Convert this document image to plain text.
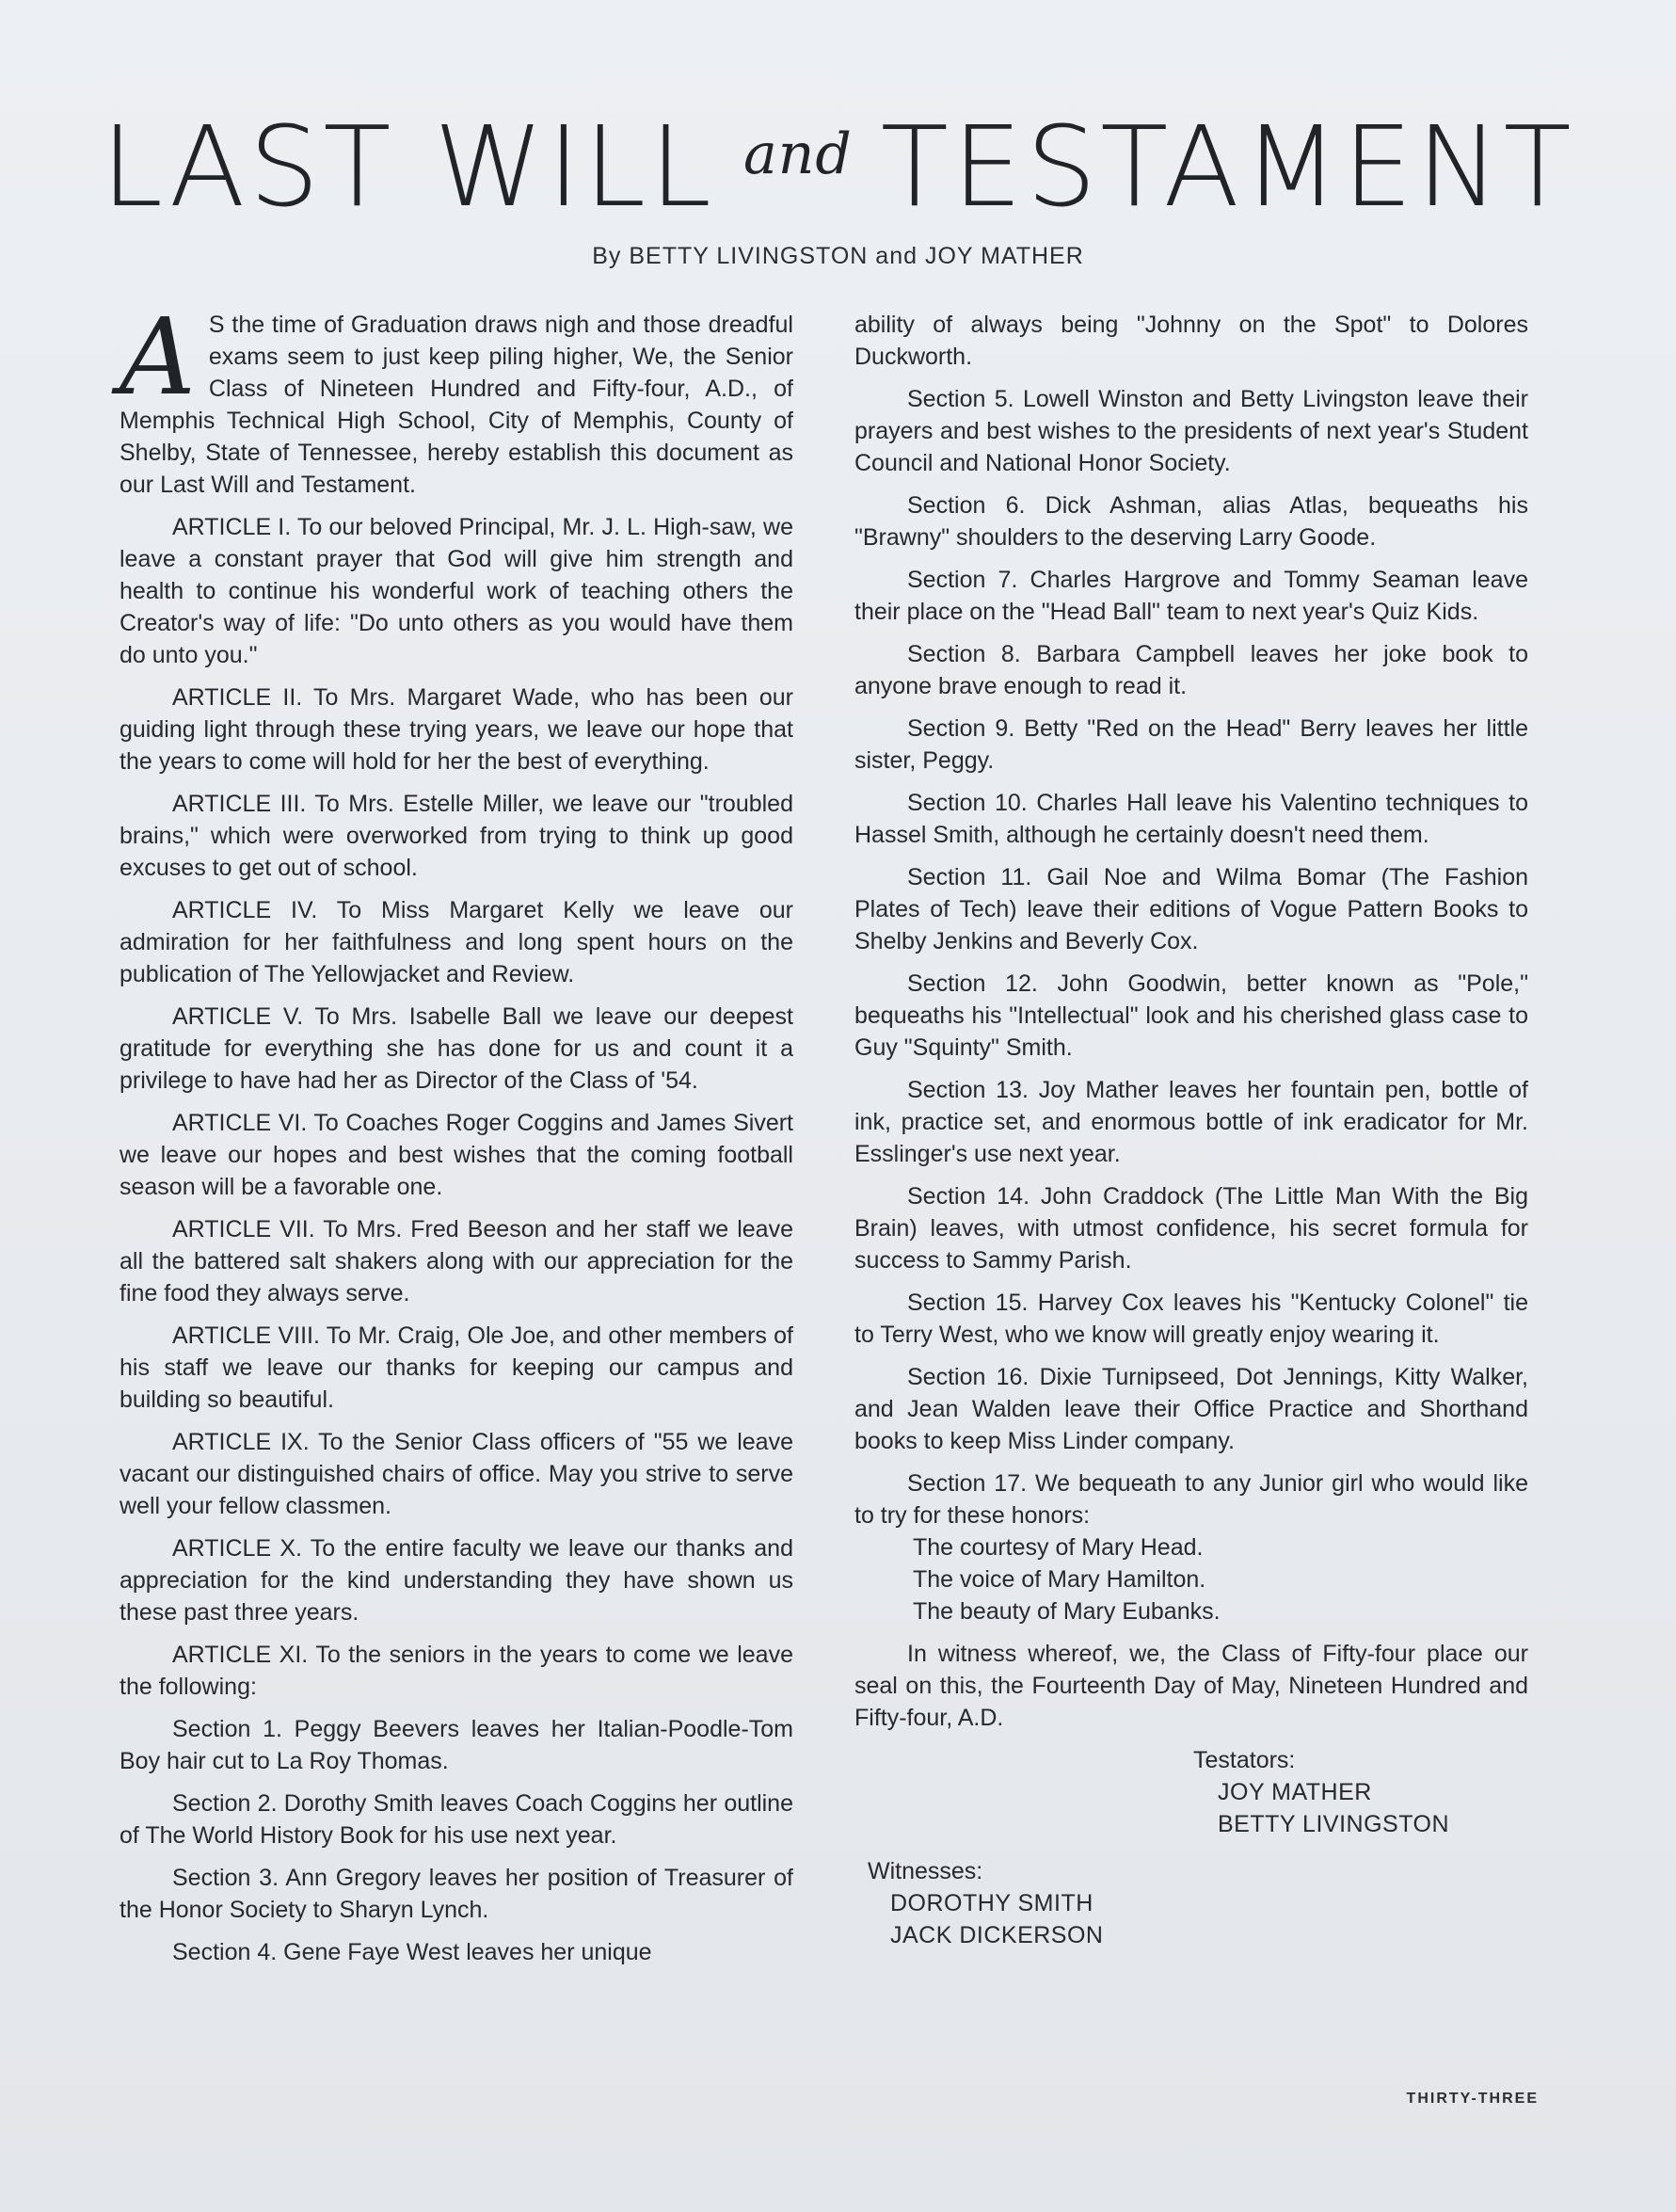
LAST WILL $^{and}$ TESTAMENT
By BETTY LIVINGSTON and JOY MATHER

A S the time of Graduation draws nigh and those dreadful exams seem to just keep piling higher, We, the Senior Class of Nineteen Hundred and Fifty-four, A.D., of Memphis Technical High School, City of Memphis, County of Shelby, State of Tennessee, hereby establish this document as our Last Will and Testament.

ARTICLE I. To our beloved Principal, Mr. J. L. High-saw, we leave a constant prayer that God will give him strength and health to continue his wonderful work of teaching others the Creator's way of life: "Do unto others as you would have them do unto you."

ARTICLE II. To Mrs. Margaret Wade, who has been our guiding light through these trying years, we leave our hope that the years to come will hold for her the best of everything.

ARTICLE III. To Mrs. Estelle Miller, we leave our "troubled brains," which were overworked from trying to think up good excuses to get out of school.

ARTICLE IV. To Miss Margaret Kelly we leave our admiration for her faithfulness and long spent hours on the publication of The Yellowjacket and Review.

ARTICLE V. To Mrs. Isabelle Ball we leave our deepest gratitude for everything she has done for us and count it a privilege to have had her as Director of the Class of '54.

ARTICLE VI. To Coaches Roger Coggins and James Sivert we leave our hopes and best wishes that the coming football season will be a favorable one.

ARTICLE VII. To Mrs. Fred Beeson and her staff we leave all the battered salt shakers along with our appreciation for the fine food they always serve.

ARTICLE VIII. To Mr. Craig, Ole Joe, and other members of his staff we leave our thanks for keeping our campus and building so beautiful.

ARTICLE IX. To the Senior Class officers of "55 we leave vacant our distinguished chairs of office. May you strive to serve well your fellow classmen.

ARTICLE X. To the entire faculty we leave our thanks and appreciation for the kind understanding they have shown us these past three years.

ARTICLE XI. To the seniors in the years to come we leave the following:

Section 1. Peggy Beevers leaves her Italian-Poodle-Tom Boy hair cut to La Roy Thomas.

Section 2. Dorothy Smith leaves Coach Coggins her outline of The World History Book for his use next year.

Section 3. Ann Gregory leaves her position of Treasurer of the Honor Society to Sharyn Lynch.

Section 4. Gene Faye West leaves her unique

ability of always being "Johnny on the Spot" to Dolores Duckworth.

Section 5. Lowell Winston and Betty Livingston leave their prayers and best wishes to the presidents of next year's Student Council and National Honor Society.

Section 6. Dick Ashman, alias Atlas, bequeaths his "Brawny" shoulders to the deserving Larry Goode.

Section 7. Charles Hargrove and Tommy Seaman leave their place on the "Head Ball" team to next year's Quiz Kids.

Section 8. Barbara Campbell leaves her joke book to anyone brave enough to read it.

Section 9. Betty "Red on the Head" Berry leaves her little sister, Peggy.

Section 10. Charles Hall leave his Valentino techniques to Hassel Smith, although he certainly doesn't need them.

Section 11. Gail Noe and Wilma Bomar (The Fashion Plates of Tech) leave their editions of Vogue Pattern Books to Shelby Jenkins and Beverly Cox.

Section 12. John Goodwin, better known as "Pole," bequeaths his "Intellectual" look and his cherished glass case to Guy "Squinty" Smith.

Section 13. Joy Mather leaves her fountain pen, bottle of ink, practice set, and enormous bottle of ink eradicator for Mr. Esslinger's use next year.

Section 14. John Craddock (The Little Man With the Big Brain) leaves, with utmost confidence, his secret formula for success to Sammy Parish.

Section 15. Harvey Cox leaves his "Kentucky Colonel" tie to Terry West, who we know will greatly enjoy wearing it.

Section 16. Dixie Turnipseed, Dot Jennings, Kitty Walker, and Jean Walden leave their Office Practice and Shorthand books to keep Miss Linder company.

Section 17. We bequeath to any Junior girl who would like to try for these honors:

The courtesy of Mary Head.
The voice of Mary Hamilton.
The beauty of Mary Eubanks.

In witness whereof, we, the Class of Fifty-four place our seal on this, the Fourteenth Day of May, Nineteen Hundred and Fifty-four, A.D.

Testators:
JOY MATHER
BETTY LIVINGSTON
Witnesses:
DOROTHY SMITH
JACK DICKERSON
THIRTY-THREE
